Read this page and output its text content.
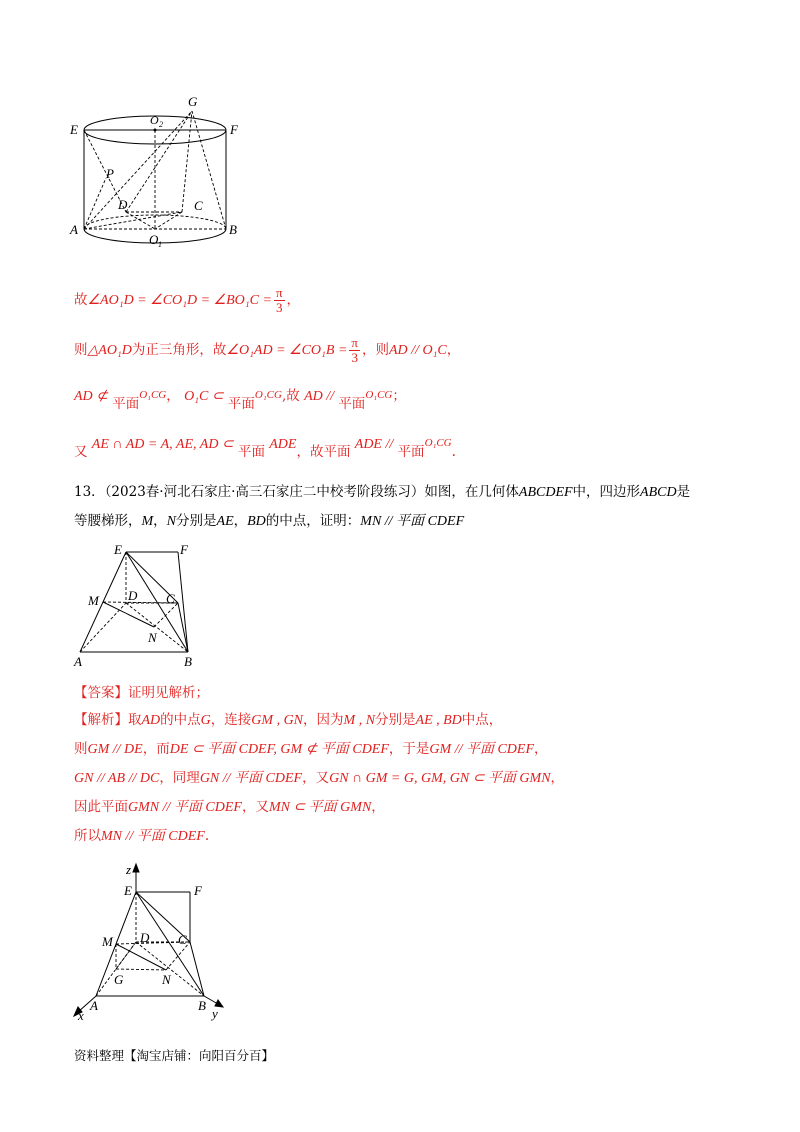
G
E
O 2	F
P
D	C
A
O 1
B
故∠AO₁D = ∠CO₁D = ∠BO₁C = $\frac{\pi}{3}$ ，
则△AO₁D为正三角形，故∠O₁AD = ∠CO₁B = $\frac{\pi}{3}$ ，则AD // O₁C，
AD ⊄ 平面O₁CG， O₁C ⊂ 平面O₁CG,故 AD // 平面O₁CG；
又 AE ∩ AD = A, AE, AD ⊂ 平面 ADE，故平面 ADE // 平面O₁CG.
13．（2023春·河北石家庄·高三石家庄二中校考阶段练习）如图，在几何体ABCDEF中，四边形ABCD是
等腰梯形，M，N分别是AE，BD的中点，证明：MN // 平面 CDEF
E	F
M D C
N
A	B
【答案】证明见解析；
【解析】取AD的中点G，连接GM , GN，因为M , N分别是AE , BD中点，
则GM // DE，而DE ⊂ 平面 CDEF, GM ⊄ 平面 CDEF，于是GM // 平面 CDEF，
GN // AB // DC，同理GN // 平面 CDEF，又GN ∩ GM = G, GM, GN ⊂ 平面 GMN，
因此平面GMN // 平面 CDEF，又MN ⊂ 平面 GMN，
所以MN // 平面 CDEF.
z
E	F
M D C
G	N
A	B
x	y
资料整理【淘宝店铺：向阳百分百】
